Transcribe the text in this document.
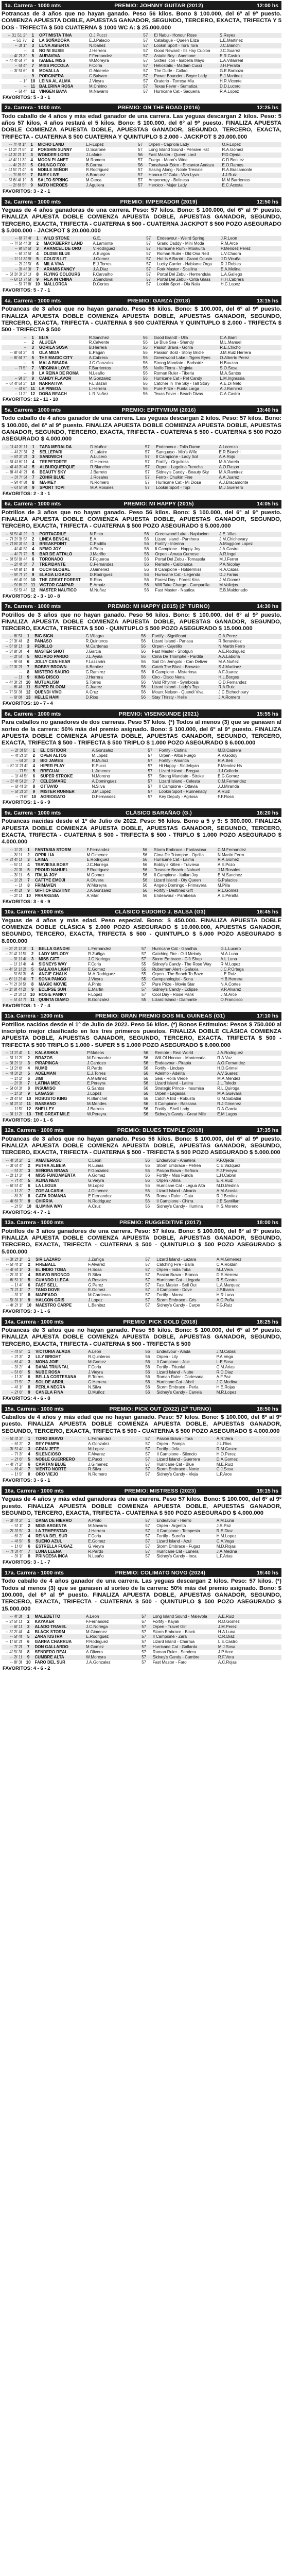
1a. Carrera · 1000 mts	PREMIO: JOHNNY GUITAR (2012)	12:00 hs
Potrancas de 3 años que no hayan ganado. Peso 56 kilos. Bono $ 100.000, del 6º al 9º puesto. COMIENZA APUESTA DOBLE, APUESTAS GANADOR, SEGUNDO, TERCERO, EXACTA, TRIFECTA Y 5 DOS - TRIFECTA $ 500 CUATERNA $ 1000 WC A: $ 25.000.000
-- 31 51 2f	1	OPTIMISTA TINA	O.J.Pucci	57	El Ñabu - Honour Rose	S.Reyes
-- 51 7v	2	LA SOÑADORA	E.J.Palacio	57	Catalogue - Queen Eliza	L.E.Martinez
-- 3f 1f	3	LUNA ABIERTA	N.Ibañez	57	Lookin Sport - Tora Tora	J.C.Bianchi
--	4	NO NI SUSIE	J.Herrera	57	Good Reward - Its Hay Cuoloa	J.C.Suarez
-- 4f 2f 3f	5	AURAVIVA	F.Fernandez	57	Asiatic Boy - Anemone	E.R.Castro
-- 4/ 4f 6f 7f	6	ISABEL MISS	W.Moreyra	57	Sixties Icon - Isabella Mayo	L.A.Villarreal
-- 5f 4f	7	MISS PICCOLA	F.Coria	57	Heliostatic - Madam Cucci	J.H.Peralta
-- 3f 5f 6f	8	MOVALLA	G.Alderete	57	The Dude - Callao	G.E.Barboza
--	9	PORCINERA	C.Balsam	57	Power Bounder - Boyer Lady	E.J.Martinez
-- 1f	10	LEINA AL ALMA	J.Vieyra	57	Oratorio - Torresa Mia	H.R.Vicente
--	11	BALERINA ROSA	M.Chirino	57	Texas Fever - Sumatiza	D.D.Lucero
-- 5f 4f	12	VINGEN BAYA	M.Navarro	57	Hurricane Cat - Saqueria	R.A.Lopez
FAVORITOS: 5 - 3 - 1
2a. Carrera · 1000 mts	PREMIO: ON THE ROAD (2016)	12:25 hs
Todo caballo de 4 años y más edad ganador de una carrera. Las yeguas descargan 2 kilos. Peso: 5 años 57 kilos, 4 años restará el 5 kilos. Bono: $ 100.000, del 6º al 9º puesto. FINALIZA APUESTA DOBLE COMIENZA APUESTA DOBLE, APUESTAS GANADOR, SEGUNDO, TERCERO, EXACTA, TRIFECTA - CUATERNA $ 500 CUATERNA Y QUINTUPLO $ 2.000 - JACKPOT $ 20.000.000
-- 7f 4f 1f	1	MICHO LAND	L.F.Lopez	57	Orpen - Capriola Lady	O.F.Lopez
-- 1f 2f 7f 5f	2	PORSHIN SUNNY	O.Scarone	57	Long Island Sound - Pensive Hat	R.A.Gomez
-- 4f 3f 2f 1f	3	WONDER LORD	J.Lafaire	56	Fast Master - Queen Lord	P.D.Ojeda
-- 4/ 4f 1f 3f	4	MOON PLANET	M.Romero	57	Fuego - Moon's Wine	C.D.Benitez
-- 4f 2f 3f	5	CHUNGO FOX	B.Correa	56	Tomahawk Eden - Encantor Andaza	E.O.Ramos
-- 4f 5f 7f 4f	6	NOBLE SEÑOR	R.Rodriguez	57	Easing Along - Noble Tresiale	R.A.Bracamonte
-- 7f 8f 9f	7	BUSY LIVE	A.Borquez	57	Honour Of Gala - Viva Lyva	J.J.Ruiz
-- 5f 6f 4f 1f	8	SALTO SPRING	M.Cerca	57	Ampenergy - Belinesa	M.M.Barrientos
-- 2f 6f 5f	9	NATO HEROES	J.Aguilera	57	Heroico - Mujer Lady	E.C.Acosta
FAVORITOS: 3 - 2 - 1
3a. Carrera · 1000 mts	PREMIO: IMPERADOR (2019)	12:50 hs
Yeguas de 4 años ganadoras de una carrera. Peso: 57 kilos. Bono: $ 100.000, del 6º al 9º puesto. FINALIZA APUESTA DOBLE COMIENZA APUESTA DOBLE, APUESTAS GANADOR, SEGUNDO, TERCERO, EXACTA, TRIFECTA - CUATERNA $ 500 - CUATERNA JACKPOT $ 500 POZO ASEGURADO $ 5.000.000 - JACKPOT $ 20.000.000
-- 6f 7f 4f	1	WILD STONE	G.E.	57	Endeavour - Weird Spring	J.R.Leon
-- 7f 5f 4f 3f	2	MACKBERRY LAND	A.Lamonte	57	Grand Daddy - Mini Moda	R.M.Arce
-- 9f 8f 6f	3	ARANCEL DE ORO	V.Rodriguez	57	Hurricane Rum - Moskuita	P.Mendez Perez
-- 6f 3f 5f	4	OLDSE BLUE	A.Burgos	57	Roman Ruler - Old Ona Red	L.V.Chadra
-- 1f 1f 3f 9f	5	COLD'S LIT	J.Gomez	57	Hot Is A Bantri - Grand Cousin	J.D.Vicuña
-- 2f 2f 5f	6	MILA VIVA	E.J.Torres	57	Lucky Carrier - Hablame Orga	R.J.Robles
-- 3f 4f 3f	7	ARAMIS FANCY	J.A.Diaz	57	Fork Master - Scallina	E.A.Molina
-- 5f 3f 3f 2f 1f	8	FLYING COLOURS	F.Carvalho	57	Portal Del Zebu - Hernendula	L.A.Gallego
-- 6f 1f 7f 5f	9	FILA IN CHINA	J.Sandoval	57	Portal Del Zebu - Cinta Glass	H.H.Cabrera
-- 5f 7f 8f	10	MALLORCA	D.Cortes	57	Lookin Sport - Ola Nala	H.C.Lopez
FAVORITOS: 5 - 7 - 1
4a. Carrera · 1000 mts	PREMIO: GARZA (2018)	13:15 hs
Potrancas de 3 años que no hayan ganado. Peso 56 kilos. Bono: $ 100.000, del 6º al 9º puesto. FINALIZA APUESTA DOBLE COMIENZA APUESTA DOBLE, APUESTAS GANADOR, SEGUNDO, TERCERO, EXACTA, TRIFECTA - CUATERNA $ 500 CUATERNA Y QUINTUPLO $ 2.000 - TRIFECTA $ 500 - TRIFECTA $ 500
--	1	ELIA	R.Sanchez	56	Good Brandt - Ulla	C.A.Barri
--	2	ALUCEA	R.Calvente	56	Le Blue Sea - Shandy	M.L.Manuel
--	3	GORILA SOSA	B.Herrera	56	Pasion Brava - Gorila	R.E.Chicho
-- 8f 6f 3f	4	OLA MIDA	E.Pagan	56	Passion Bold - Stony Bridle	J.M.Ruiz Herrera
-- 8f 6f 7f	5	THE MAGIC CITY	A.Cabrera	56	Greenwood Lake - Tigers Eyes	O.Alberto Perez
--	6	MALA BISARA	J.C.Gonzalez	56	Strong Mandate - Barbatriz	H.Bauzan
-- 7f 5f	7	VIRGINIA LOVE	F.Barrientos	56	Nolfo Tierra - Virginia	S.O.Sosa
--	8	LA REINA DE ROMA	N.Leaño	56	Roman Ruler - Tiberia	M.A.Santos
-- 9f 3f	9	CANDY FLAVOR	M.Gonzalez	56	Hurricane Cat - Pet Candy	L.M.Ingrassia
-- 6f 4f 5f 3f	10	NARRATIVA	F.L.Bazan	56	Catcher In The Sky - Tall Story	A.E.Di Neto
-- 4f 6f	11	LA PINEDA	L.Herrera	56	Pure Prize - Punta Larga	A.J.Ramirez
-- 1f 2f	12	DOÑA BEACH	L.R.Nuñez	56	Texas Fever - Beach Divas	C.A.Castro
FAVORITOS: 12 - 11 - 10
5a. Carrera · 1000 mts	PREMIO: EPITYMIUM (2016)	13:40 hs
Todo caballo de 4 años ganador de una carrera. Las yeguas descargan 2 kilos. Peso: 57 kilos. Bono: $ 100.000, del 6º al 9º puesto. FINALIZA APUESTA DOBLE COMIENZA APUESTA DOBLE, APUESTAS GANADOR, SEGUNDO, TERCERO, EXACTA, TRIFECTA - CUATERNA $ 500 - CUATERNA $ 500 POZO ASEGURADO $ 4.000.000
-- 1f 4f 3f 1f	1	TAPA MERALDA	D.Muñoz	57	Endeavour - Talia Dame	A.Lorenzo
-- 4f 2f 3f	2	SELLEPARI	O.Lafaire	57	Sanquaso - Mio's Wife	E.R.Bianchi
-- 8f 3f 2f	3	SANDWICH	A.Lucero	57	Il Campione - Lady Sol	A.A.Rojo
-- 5f 4f 6f 1f	4	TEEPETORTE	G.Herrera	57	Fortify - Orgullosa	M.A.Varela
-- 4f 4f 3f 4f	5	ALBURQUERQUE	R.Blanchet	57	Orpen - Lagolina Trencha	A.O.Raspo
-- 8f 4f 4f 2f	6	BEAUTY SKY	J.Barreto	57	Sidney's Candy - Beauty Sky	M.A.Ramirez
-- 3f 7f 5f	7	ZOHIR BLUE	J.Rosales	57	Ferro - Chulkin Fine	A.A.Juarez
-- 9f 4f 8f	8	MA-MEY	N.Romero	57	Hurricane Cat - Mi Diosa	A.J.Bracamonte
-- 6f 5f 9f	9	SPORT TOPI	M.A.Rosales	57	Lookin Sport - Topi	M.J.Guerrero
FAVORITOS: 2 - 3 - 1
6a. Carrera · 1000 mts	PREMIO: MI HAPPY (2015)	14:05 hs
Potrillos de 3 años que no hayan ganado. Peso 56 kilos. Bono: $ 100.000, del 6º al 9º puesto. FINALIZA APUESTA DOBLE COMIENZA APUESTA DOBLE, APUESTAS GANADOR, SEGUNDO, TERCERO, EXACTA, TRIFECTA - CUATERNA $ 500 POZO ASEGURADO $ 5.000.000
-- 6f 5f 4f 2f	1	PORTAGRILE	N.Pinto	56	Greenwood Lake - Naplucion	J.E. Vilas
-- 7f 2f 3f 5f	2	LINEA BENGAL	E.A.	56	Lizard Island - Panthera	J.M.Chichevary
-- 7f 8f 3f 5f	3	BREAKPOINT	C.Padilla	56	Fortify - Interina	A.Maggiore Lopez
-- 4f 4f 5f	4	NEMO JOY	A.Pinto	56	Il Campione - Happy Joy	J.A.Castro
-- 4f 7f 7f	5	BAR DE ATTALO	J.Mariño	56	Orpen - Amata Curnese	A.R.Ingel
-- 8f 5f 9f 4f	6	TORONADO	F.Figueroa	56	Portal Del Zebu - Tornasola	M.J.Ferrer
-- 2f 4f 3f	7	TREPIDANTE	C.Fernandez	56	Remote - Caliblanca	P.A.Nicolay
-- 8f 9f 1f	8	OUCH GLOBAL	J.Gimenez	56	Il Campione - Holdermiss	R.A.Cabral
-- 9f 7f 7f	9	ELAGA LIGADO	D.Rodriguez	56	Hurricane Cat - Legenda	D.J.Farias
-- 6f 4f 9f	10	THE GREAT FOREST	R.Rios	56	Forest Day - Forest Kiss	J.M.Gomez
-- 9f 8f 2f	11	VICTOR CAMPAR	E.Arnaiz	56	Will Take Charge - Camparilla	M.Vallejos
-- 5f 5f 4f	12	MASTER NAUTICO	M.Nuñez	56	Fast Master - Nautica	E.B.Maldonado
FAVORITOS: 2 - 3 - 10 - 8
7a. Carrera · 1000 mts	PREMIO: MI HAPPY (2015) (2º TURNO)	14:30 hs
Potrillos de 3 años que no hayan ganado. Peso 56 kilos. Bono: $ 100.000, del 6º al 9º puesto. FINALIZA APUESTA DOBLE COMIENZA APUESTA DOBLE, APUESTAS GANADOR, SEGUNDO, TERCERO, EXACTA, TRIFECTA $ 500 - QUINTUPLO $ 500 POZO ASEGURADO $ 15.000.000
-- 8f 5f	1	BIG SIGN	G.Villagra	56	Fortify - Significant	C.A.Perez
-- 2f 3f 4f	2	PANASO	R.Quinteros	56	Lizard Island - Panasa	R.Benavidez
-- 5f 6f 1f	3	PERILLO	M.Cardenas	56	Orpen - Cajetillo	N.Martin Ferro
-- 3f 8f 3f	4	MASTER SHOT	J.Garcia	56	Fast Master - Shotgun	A.E.Rodriguez
-- 2f 5f	5	MOJADO PARDO	J.L.Ayala	56	Cima De Triomphe - Pardita	A.A.Laboria
-- 9f 6f	6	JOLLY CAN HEAR	F.Lazzarini	56	Sail On Jemgolo - Can Deliver	M.A.Nuñez
-- 2f 3f 2f	7	BOBBY BROWN	A.Benitez	56	Catch The Blast - Browsie	S.J.Martinez
--	8	MISTERO SAURO	G.Ramirez	56	Il Campione - Misteriosa	A.F.Juarez
-- 1f	9	KING DISCO	J.Herrera	56	Ciro - Disco Nena	H.L.Borges
-- 4f 3f 2f	10	MUTUALISM	S.Torres	56	Valid Rhythm - Symbiosis	O.D.Fernandez
-- 6f 4f	11	SUPER BLOOM	C.Juarez	56	Lizard Island - Lady's Top	R.A.Ruiz
-- 7f 5f 3f	12	QUENDI VIVO	A.Cruz	56	Mount Nelson - Quendi Viva	J.C.Etchechoury
-- 6f 8f	13	HELLE HAM	D.Rios	56	Stay Thirsty - Helle	J.A.Romero
FAVORITOS: 10 - 7 - 4
8a. Carrera · 1000 mts	PREMIO: VISENGUNDE (2021)	15:55 hs
Para caballos no ganadores de dos carreras. Peso 57 kilos. (*) Todos al menos (3) que se ganasen al sorteo de la carrera: 50% más del premio asignado. Bono: $ 100.000, del 6º al 9º puesto. FINALIZA APUESTA DOBLE COMIENZA APUESTA DOBLE, APUESTAS GANADOR, SEGUNDO, TERCERO, EXACTA, TRIFECTA $ 500 - TRIFECTA $ 500 TRIPLO $ 1.000 POZO ASEGURADO $ 6.000.000
-- 2f 3f 5f	1	EL CISTIDOR	A.Gonzalez	57	Fortify - Cistina	M.D.Cabrera
-- 4f 2f 1f	2	OPEN ALTOS	M.Lopez	57	Orpen - Altos Fuego	A.V.Godoy
-- 6f 3f	3	BIG JAMES	R.Muñoz	57	Fortify - Amantia	R.A.Beli
-- 8f 1f 2f 4f	4	HIPER PLAY	E.Pucci	57	Hi Happy - Sindekyan	P.Mendez Hs
-- 7f 5f	5	BREGUAI	L.Jimenez	57	Lizard Island - Bregua	J.J.Colledo
-- 1f 4f 5f	6	SUPER STROKE	N.Moreno	57	Strong Mandate - Stroke	E.G.Gomez
-- 3f 4f 5f 2f	7	CELESMARE	A.Dominguez	57	Lizard Island - Celesta	C.M.Fernandez
-- 6f 4f 3f	8	OTTAVIO	N.Silva	57	Il Campione - Ottavia	J.J.Miranda
-- 5f 2f 3f	9	MISTER RUNNER	J.M.Lopez	57	Lookin Sport - Runnerlady	A.Ruiz
-- 7f 6f	10	AGRIOGATO	D.Fernandez	57	Key Deputy - Agriosa	F.F.Rossi
FAVORITOS: 1 - 6 - 9
9a. Carrera · 1000 mts	CLÁSICO BARAÑAO (G.)	16:20 hs
Potrancas nacidas desde el 1º de Julio de 2022. Peso: 56 kilos. Bono a 5 y 9: $ 300.000. FINALIZA APUESTA DOBLE COMIENZA APUESTA DOBLE, APUESTAS GANADOR, SEGUNDO, TERCERO, EXACTA, TRIFECTA - CUATERNA $ 500 - TRIFECTA $ 500 - TRIPLO $ 1.000 POZO ASEGURADO $ 4.000.000
-- 1f 2f	1	FANTASIA STORM	F.Fernandez	56	Storm Embrace - Fantasiosa	C.M.Fernandez
-- 3f 1f	2	OPRILLIA	M.Gimenez	56	Cima De Triomphe - Oprilla	N.Martin Ferro
-- 2f 4f 1f	3	LAIMA	E.Rodriguez	56	Hurricane Cat - Laima	R.A.Gomez
-- 5f 1f	4	TRAVIESA BOBY	J.C.Noriega	56	Bobby's Kitten - Traviesa	A.E.Pozo
-- 2f 3f	5	PROUD NAHUEL	P.Rodriguez	56	Treasure Beach - Nahuel	J.M.Rosales
-- 3f 1f	6	ITALIA JOY	M.Gomez	56	Il Campione - Italian Joy	E.M.Sanchez
-- 1f 2f	7	CATTYE EMOJI	A.Olivera	56	Lizard Island - Oty Queen	G.Palacios
-- 1f	8	FRIMAVEN	W.Moreyra	56	Angelo Domingo - Frimavera	M.Pilla
-- 4f 2f	9	GIFT OF DESTINY	J.A.Gonzalez	56	Fortify - Destined Gift	R.L.Gomez
-- 2f 1f	10	PARAKESIA	A.Vilar	56	Endeavour - Parakesia	A.E.Peralta
FAVORITOS: 3 - 6 - 9
10a. Carrera · 1000 mts	CLÁSICO EUDORO J. BALSA (G3)	16:45 hs
Yeguas de 4 años y más edad. Peso especial. Bono: $ 450.000. FINALIZA APUESTA DOBLE COMIENZA DOBLE CLÁSICA $ 2.000 POZO ASEGURADO $ 10.000.000, APUESTAS GANADOR, SEGUNDO, TERCERO, EXACTA, TRIFECTA $ 500 - QUINTUPLO $ 5.000 POZO ASEGURADO $ 8.000.000
-- 3f 2f 1f 3f	1	BELLA GANDHI	L.Fernandez	57	Hurricane Cat - Gandhia	G.L.Lucero
-- 2f 4f 1f 5f	2	LADY MELODY	R.Zuñiga	57	Catching Fire - Old Melody	M.A.Luna
-- 3f 1f 4f	3	MISS GIFT	J.C.Noriega	57	Storm Embrace - Gift Shop	A.L.Luna
-- 1f 1f 4f	4	SIDNEYS WAY	F.Coria	55	Sidney's Candy - The Rose Way	R.M.Lopez
-- 4f 5f 1f 2f	5	GALAXIA LIGHT	E.Gomez	55	Ruberman Alert - Galaxia	J.C.P.Ortega
-- 5f 6f 3f	6	ANGIE CHALK	M.A.Rodriguez	55	Orpen - The Beach To Baze	L.E.Ruiz
-- 6f 1f 2f 4f	7	SONA PANGO	J.Vieyra	55	Campanologist - Sona	H.B.Herrera
-- 7f 2f 3f 5f	8	MAGIC MOVIE	A.Pinto	57	Pure Prize - Movie Star	N.A.Cortes
-- 1f 8f 4f 2f	9	ECLIPSE SUN	E.Martin	57	Sidney's Candy - Eclipse	V.P.Alvarez
-- 2f 3f 1f	10	ROSIE PANKY	F.Lopez	57	Cool Day - Rosie Pank	J.M.Arce
-- 5f 4f 7f	11	QUINTA DIAMO	B.Gonzalez	55	Lizard Island - Diamante	O.Francisco
FAVORITOS: 1 - 7 - 4
11a. Carrera · 1200 mts	PREMIO: GRAN PREMIO DOS MIL GUINEAS (G1)	17:10 hs
Potrillos nacidos desde el 1º de Julio de 2022. Peso 56 kilos. (*) Bonos Estímulos: Pesos $ 750.000 al inscripto mejor clasificado en los tres primeros puestos. FINALIZA DOBLE CLÁSICA COMIENZA APUESTA DOBLE, APUESTAS GANADOR, SEGUNDO, TERCERO, EXACTA, TRIFECTA $ 500 - TRIFECTA $ 500 TRIPLO $ 1.000 - SUPER 5 $ 1.000 POZO ASEGURADO $ 6.000.000
-- 1f 2f 4f	1	KALASHKA	P.Mateos	56	Remote - Real World	J.A.Rodriguez
-- 5f 1f 2f	2	BRAZOS	M.Fernandez	56	Will Of Honour - Montecarla	R.A.Vaz
-- 3f 2f 1f	3	PIRAPINGA	J.Cardozo	56	Endeavour - Pirapia	A.O.Fernandez
-- 1f 2f 6f	4	NUMB	R.Pardo	56	Fortify - Lindsey	H.D.Grimel
-- 4f 3f 2f	5	ADELMAN	E.J.Torres	56	Adelmo - Adelita	A.V.Suarez
-- 1f 1f	6	JIMI	A.Martinez	56	Seis - Rolla Verde	M.A.Mendez
-- 2f 3f	7	LATINA MEX	E.Pereyra	56	Lizard Island - Latina	J.L.Toledo
-- 5f 6f 3f	8	INSUMISO	G.Santos	56	Strategic Prince - Insumisa	R.L.Quiroga
-- 1f 3f	9	LAGASSI	J.Lopez	56	Orpen - Lagassa	M.A.Guevara
-- 2f 4f 5f	10	ROBUSTO KING	R.Blanchet	56	Catch A Bid - Robusta	G.M.Sabatini
-- 6f 2f 1f	11	BASSANO	M.Mendes	56	Il Campione - Bassana	R.J.Gimenez
-- 1f 5f	12	SHELLEY	J.Barreto	56	Fortify - Shell Lady	D.A.Garcia
-- 3f 1f 2f	13	THE GREAT MILE	W.Pereyra	56	Sidney's Candy - Great Mile	E.M.Lagos
FAVORITOS: 10 - 1 - 6
12a. Carrera · 1000 mts	PREMIO: BLUES TEMPLE (2018)	17:35 hs
Potrancas de 3 años que no hayan ganado. Peso 56 kilos. Bono: $ 100.000, del 6º al 9º puesto. FINALIZA APUESTA DOBLE COMIENZA APUESTA DOBLE, APUESTAS GANADOR, SEGUNDO, TERCERO, EXACTA, TRIFECTA - CUATERNA $ 500 - TRIFECTA $ 500 POZO ASEGURADO $ 5.000.000
-- 4f 3f 2f	1	AMATERASU	C.Leon	56	Endeavour - Amatera	P.F.Ojeda
-- 3f 6f 4f	2	PETRA ALBEIA	R.Lunas	56	Storm Embrace - Petrea	C.E.Vazquez
-- 5f 2f	3	SEÑORA BRAVA	F.Gonzalez	56	Pasion Brava - Señora	F.J.Pereyra
-- 2f 1f 3f	4	MISS FUNDAMENTA	A.Gomez	56	Fortify - Miss Funda	L.H.Cabral
-- 7f 4f	5	ALINA NEVI	G.Vieyra	56	Orpen - Alina	E.R.Ruiz
-- 6f 5f 4f	6	LA LEGUA	M.Lopez	56	Hurricane Cat - Legua Alta	M.D.Medina
-- 1f 2f	7	ZOE ALCARIA	J.Gimenez	56	Lizard Island - Alcaria	A.M.Acosta
-- 8f 3f	8	GATA ROMANA	E.Fernandez	56	Roman Ruler - Gata	R.J.Benitez
-- 4f 6f 7f	9	CHIRRIA	N.Rodriguez	56	Il Campione - Chirra	J.E.Santillan
-- 2f 5f	10	ILUMINA WAY	A.Cruz	56	Sidney's Candy - Illumina	H.S.Moreno
FAVORITOS: 4 - 7 - 1
13a. Carrera · 1000 mts	PREMIO: RUGGEDITIVE (2017)	18:00 hs
Potrillos de 3 años ganadores de una carrera. Peso: 57 kilos. Bono: $ 100.000, del 6º al 9º puesto. FINALIZA APUESTA DOBLE COMIENZA APUESTA DOBLE, APUESTAS GANADOR, SEGUNDO, TERCERO, EXACTA, TRIFECTA - CUATERNA $ 500 - QUINTUPLO $ 500 POZO ASEGURADO $ 5.000.000
-- 3f 2f 1f	1	SIR LAZARO	J.Zuñiga	57	Lizard Island - Lazara	A.M.Gimenez
-- 5f 4f 1f	2	FIREBALL	F.Alvarez	57	Catching Fire - Balla	C.A.Roldan
-- 4f 6f 1f	3	EL INDIO TOBA	H.Sosa	57	Orpen - India Toba	M.J.Vera
-- 2f 3f 1f	4	BRAVO BRONCO	R.Silva	57	Pasion Brava - Bronca	D.E.Herrera
-- 6f 5f 1f	5	CUANDO LLEGA	A.Rosales	57	Hurricane Cat - Llegada	R.S.Castro
-- 1f 4f	6	FAST SELL	G.Perez	57	Fast Master - Sell Out	L.A.Marquez
-- 7f 2f 1f	7	TANO DOVE	E.Gomez	57	Il Campione - Dove	J.P.Ibarra
-- 3f 1f	8	MAREADO	M.Cardenas	57	Fortify - Marea	H.R.Luna
-- 5f 3f 1f	9	HALCON GRIS	J.Lopez	57	Storm Embrace - Gris	A.C.Peña
-- 4f 2f 1f	10	MAESTRO CARPE	L.Benitez	57	Sidney's Candy - Carpe	F.G.Ruiz
FAVORITOS: 3 - 1 - 6
14a. Carrera · 1000 mts	PREMIO: PICK GOLD (2018)	18:25 hs
Potrancas de 3 años que no hayan ganado. Peso 56 kilos. Bono: $ 100.000, del 6º al 9º puesto. FINALIZA APUESTA DOBLE COMIENZA APUESTA DOBLE, APUESTAS GANADOR, SEGUNDO, TERCERO, EXACTA, TRIFECTA - CUATERNA $ 500 - TRIFECTA $ 500
-- 4f 5f	1	VICTORIA ALADA	A.Leon	56	Endeavour - Alada	J.M.Cabral
-- 2f 3f	2	LILY BRIGHT	R.Quinteros	56	Orpen - Lily	P.A.Vega
-- 6f 4f	3	MONA JOIE	M.Gomez	56	Il Campione - Joie	L.E.Sosa
-- 3f 2f	4	DAMA TRIUNFAL	F.Coria	56	Fortify - Triunfal	C.M.Arias
-- 5f 6f	5	NUBE ROSA	J.Vieyra	56	Lizard Island - Nube	R.D.Diaz
-- 1f 3f	6	BELLA CORTESANA	E.Torres	56	Roman Ruler - Cortesana	A.F.Paz
-- 7f 5f	7	SOL DE ABRIL	G.Herrera	56	Hurricane Cat - Abril	J.C.Medina
-- 4f 1f	8	PERLA NEGRA	N.Silva	56	Storm Embrace - Perla	H.E.Rojas
-- 2f 6f	9	CANELA FINA	D.Muñoz	56	Sidney's Candy - Canela	M.R.Lopez
FAVORITOS: 4 - 6 - 8
15a. Carrera · 1000 mts	PREMIO: PICK OUT (2022) (2º TURNO)	18:50 hs
Caballos de 4 años y más edad que no hayan ganado. Peso: 57 kilos. Bono: $ 100.000, del 6º al 9º puesto. FINALIZA APUESTA DOBLE COMIENZA APUESTA DOBLE, APUESTAS GANADOR, SEGUNDO, TERCERO, EXACTA, TRIFECTA $ 500 - CUATERNA $ 500 POZO ASEGURADO $ 4.000.000
-- 5f 4f 3f	1	TORO BRAVO	L.Fernandez	57	Pasion Brava - Tora	A.R.Vera
-- 6f 2f	2	REY PAMPA	A.Gonzalez	57	Orpen - Pampa	J.L.Rios
-- 3f 5f 4f	3	GRAN JEFE	M.Lopez	57	Fortify - Jefa	R.M.Castro
-- 7f 3f	4	SILENCIOSO	F.Alvarez	57	Il Campione - Silencio	H.O.Perez
-- 2f 6f	5	NOBLE GUERRERO	E.Pucci	57	Lizard Island - Guerrera	D.A.Gomez
-- 4f 7f 2f	6	CAPITAN BLUE	J.Gimenez	57	Hurricane Cat - Blue	M.E.Ruiz
-- 8f 4f	7	VIENTO NORTE	R.Silva	57	Storm Embrace - Norte	C.J.Sosa
-- 1f 5f	8	ORO VIEJO	N.Romero	57	Sidney's Candy - Vieja	L.P.Arce
FAVORITOS: 3 - 6 - 1
16a. Carrera · 1000 mts	PREMIO: MISTRESS (2023)	19:15 hs
Yeguas de 4 años y más edad ganadoras de una carrera. Peso 57 kilos. Bono: $ 100.000, del 6º al 9º puesto. FINALIZA APUESTA DOBLE COMIENZA APUESTA DOBLE, APUESTAS GANADOR, SEGUNDO, TERCERO, EXACTA, TRIFECTA - CUATERNA $ 500 POZO ASEGURADO $ 4.000.000
-- 3f 4f 2f	1	DAMA DE HIERRO	A.Pinto	57	Endeavour - Hierro	A.M.Luna
-- 5f 1f	2	MISS ARGENTA	M.Navarro	57	Orpen - Argenta	J.R.Paz
-- 2f 3f 5f	3	LA TEMPESTAD	J.Herrera	57	Il Campione - Tempesta	R.E.Diaz
-- 6f 2f	4	REINA DEL SUR	F.Coria	57	Fortify - Sureña	H.M.Lopez
-- 4f 5f	5	SUEÑO AZUL	E.Gomez	57	Lizard Island - Azul	C.A.Vega
-- 1f 6f	6	ESTRELLA FUGAZ	G.Vieyra	57	Storm Embrace - Fugaz	M.D.Rojas
-- 7f 3f 4f	7	LUNA LLENA	R.Pardo	57	Hurricane Cat - Lunera	J.A.Medina
-- 3f 1f	8	PRINCESA INCA	N.Leaño	57	Sidney's Candy - Inca	L.F.Arias
FAVORITOS: 3 - 1 - 7
17a. Carrera · 1000 mts	PREMIO: COLIMATO NOVO (2024)	19:40 hs
Todo caballo de 4 años ganador de una carrera. Las yeguas descargan 2 kilos. Peso: 57 kilos. (*) Todos al menos (3) que se ganasen al sorteo de la carrera: 50% más del premio asignado. Bono: $ 100.000, del 6º al 9º puesto. FINALIZA APUESTA DOBLE, APUESTAS GANADOR, SEGUNDO, TERCERO, EXACTA, TRIFECTA - CUATERNA $ 500 - QUINTUPLO $ 500 POZO ASEGURADO $ 15.000.000
-- 4f 3f	1	MALEDETTO	A.Leon	57	Long Island Sound - Malevola	A.E.Ruiz
-- 2f 5f 1f	2	KAYAKER	F.Fernandez	57	Fortify - Kayak	R.D.Gomez
-- 6f 1f	3	ALADO TRAVEL	J.C.Noriega	57	Orpen - Travel Girl	J.M.Perez
-- 3f 2f 4f	4	BLACK STORM	M.Gimenez	57	Storm Embrace - Black	H.A.Luna
-- 5f 4f	5	ZARATUSTRA	E.Rodriguez	57	Il Campione - Zara	C.R.Diaz
-- 1f 6f 2f	6	GARRA CHARRUA	P.Rodriguez	57	Lizard Island - Charrua	L.E.Castro
-- 7f 2f	7	DON GALLARDO	M.Gomez	57	Hurricane Cat - Gallarda	M.J.Sosa
-- 4f 5f 3f	8	SENDERO REAL	A.Olivera	57	Roman Ruler - Sendera	J.P.Arce
-- 2f 1f	9	CUMBRE ALTA	W.Moreyra	57	Sidney's Candy - Cumbre	R.F.Vera
-- 8f 3f	10	FARO DEL SUR	J.A.Gonzalez	57	Fast Master - Faro	A.C.Rojas
FAVORITOS: 4 - 6 - 2
